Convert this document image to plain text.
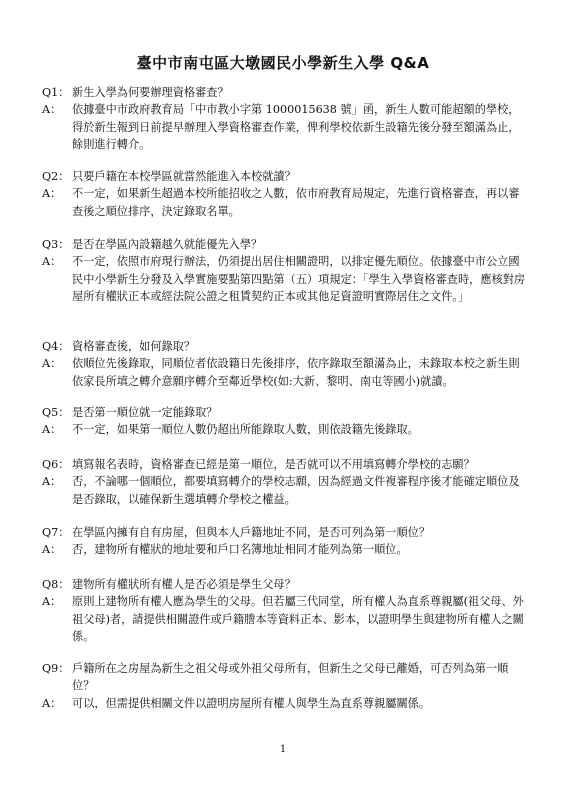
臺中市南屯區大墩國民小學新生入學 Q&A
Q1： 新生入學為何要辦理資格審查？

A： 依據臺中市政府教育局「中市教小字第 1000015638 號」函，新生人數可能超額的學校，得於新生報到日前提早辦理入學資格審查作業，俾利學校依新生設籍先後分發至額滿為止，餘則進行轉介。

Q2： 只要戶籍在本校學區就當然能進入本校就讀？

A： 不一定，如果新生超過本校所能招收之人數，依市府教育局規定，先進行資格審查，再以審查後之順位排序，決定錄取名單。

Q3： 是否在學區內設籍越久就能優先入學？

A： 不一定，依照市府現行辦法，仍須提出居住相關證明，以排定優先順位。依據臺中市公立國民中小學新生分發及入學實施要點第四點第（五）項規定：「學生入學資格審查時，應核對房屋所有權狀正本或經法院公證之租賃契約正本或其他足資證明實際居住之文件。」

Q4： 資格審查後，如何錄取？

A： 依順位先後錄取，同順位者依設籍日先後排序，依序錄取至額滿為止，未錄取本校之新生則依家長所填之轉介意願序轉介至鄰近學校(如:大新、黎明、南屯等國小)就讀。

Q5： 是否第一順位就一定能錄取？

A： 不一定，如果第一順位人數仍超出所能錄取人數，則依設籍先後錄取。

Q6： 填寫報名表時，資格審查已經是第一順位，是否就可以不用填寫轉介學校的志願？

A： 否，不論哪一個順位，都要填寫轉介的學校志願，因為經過文件複審程序後才能確定順位及是否錄取，以確保新生選填轉介學校之權益。

Q7： 在學區內擁有自有房屋，但與本人戶籍地址不同，是否可列為第一順位？

A： 否，建物所有權狀的地址要和戶口名簿地址相同才能列為第一順位。

Q8： 建物所有權狀所有權人是否必須是學生父母？

A： 原則上建物所有權人應為學生的父母。但若屬三代同堂，所有權人為直系尊親屬(祖父母、外祖父母)者，請提供相關證件或戶籍謄本等資料正本、影本，以證明學生與建物所有權人之關係。

Q9： 戶籍所在之房屋為新生之祖父母或外祖父母所有，但新生之父母已離婚，可否列為第一順位？

A： 可以，但需提供相關文件以證明房屋所有權人與學生為直系尊親屬關係。

1
